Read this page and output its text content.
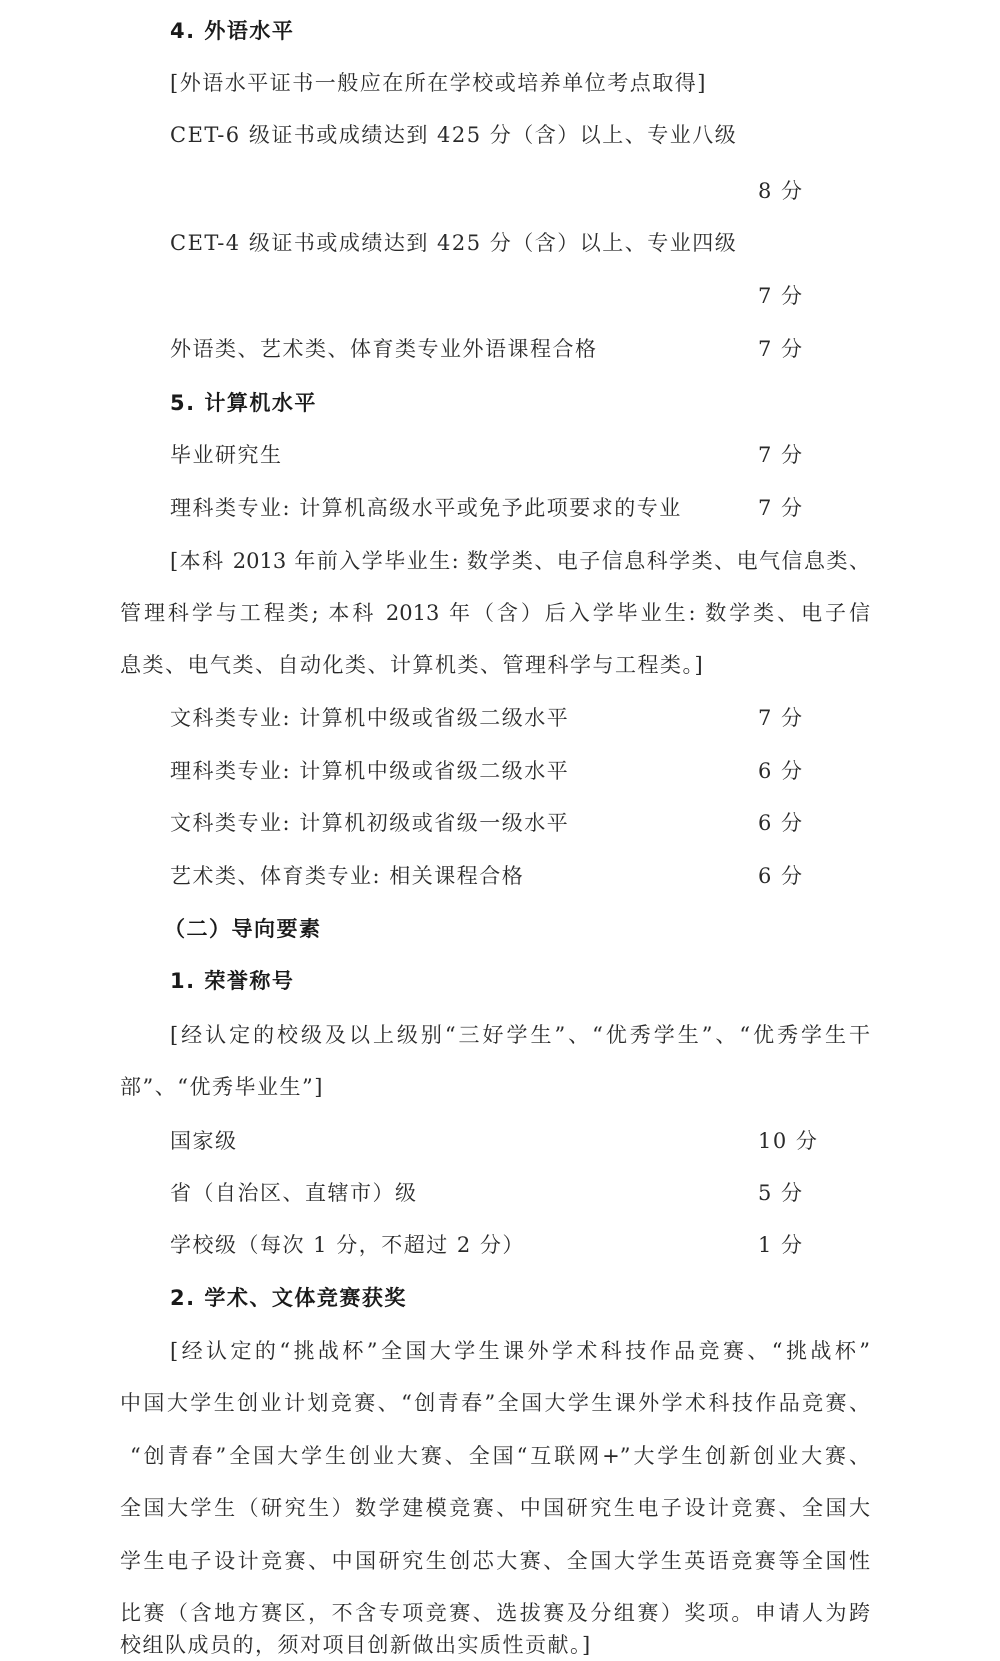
4. 外语水平
[外语水平证书一般应在所在学校或培养单位考点取得]
CET-6 级证书或成绩达到 425 分（含）以上、专业八级
8 分
CET-4 级证书或成绩达到 425 分（含）以上、专业四级
7 分
外语类、艺术类、体育类专业外语课程合格	7 分
5. 计算机水平
毕业研究生	7 分
理科类专业: 计算机高级水平或免予此项要求的专业	7 分
[本科 2013 年前入学毕业生: 数学类、电子信息科学类、电气信息类、
管理科学与工程类; 本科 2013 年（含）后入学毕业生: 数学类、电子信
息类、电气类、自动化类、计算机类、管理科学与工程类。]
文科类专业: 计算机中级或省级二级水平	7 分
理科类专业: 计算机中级或省级二级水平	6 分
文科类专业: 计算机初级或省级一级水平	6 分
艺术类、体育类专业: 相关课程合格	6 分
（二）导向要素
1. 荣誉称号
[经认定的校级及以上级别“三好学生”、“优秀学生”、“优秀学生干
部”、“优秀毕业生”]
国家级	10 分
省（自治区、直辖市）级	5 分
学校级（每次 1 分，不超过 2 分）	1 分
2. 学术、文体竞赛获奖
[经认定的“挑战杯”全国大学生课外学术科技作品竞赛、“挑战杯”
中国大学生创业计划竞赛、“创青春”全国大学生课外学术科技作品竞赛、
“创青春”全国大学生创业大赛、全国“互联网+”大学生创新创业大赛、
全国大学生（研究生）数学建模竞赛、中国研究生电子设计竞赛、全国大
学生电子设计竞赛、中国研究生创芯大赛、全国大学生英语竞赛等全国性
比赛（含地方赛区，不含专项竞赛、选拔赛及分组赛）奖项。申请人为跨
校组队成员的，须对项目创新做出实质性贡献。]
